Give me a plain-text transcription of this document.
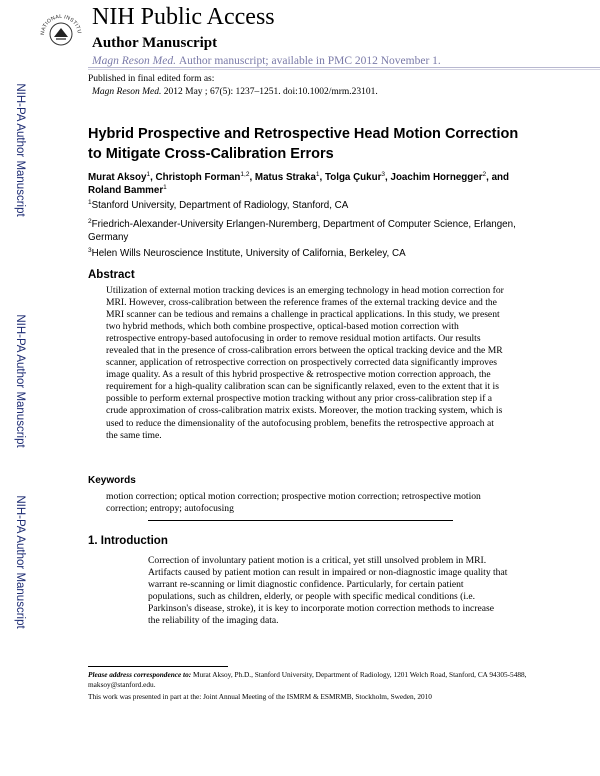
NIH-PA Author Manuscript
NIH-PA Author Manuscript
NIH-PA Author Manuscript
NATIONAL INSTITU
NIH Public Access
Author Manuscript
Magn Reson Med. Author manuscript; available in PMC 2012 November 1.
Published in final edited form as:
Magn Reson Med. 2012 May ; 67(5): 1237–1251. doi:10.1002/mrm.23101.
Hybrid Prospective and Retrospective Head Motion Correction to Mitigate Cross-Calibration Errors
Murat Aksoy$^1$, Christoph Forman$^{1,2}$, Matus Straka$^1$, Tolga Çukur$^3$, Joachim Hornegger$^2$, and Roland Bammer$^1$
$^1$Stanford University, Department of Radiology, Stanford, CA
$^2$Friedrich-Alexander-University Erlangen-Nuremberg, Department of Computer Science, Erlangen, Germany
$^3$Helen Wills Neuroscience Institute, University of California, Berkeley, CA
Abstract
Utilization of external motion tracking devices is an emerging technology in head motion correction for MRI. However, cross-calibration between the reference frames of the external tracking device and the MRI scanner can be tedious and remains a challenge in practical applications. In this study, we present two hybrid methods, which both combine prospective, optical-based motion correction with retrospective entropy-based autofocusing in order to remove residual motion artifacts. Our results revealed that in the presence of cross-calibration errors between the optical tracking device and the MR scanner, application of retrospective correction on prospectively corrected data significantly improves image quality. As a result of this hybrid prospective & retrospective motion correction approach, the requirement for a high-quality calibration scan can be significantly relaxed, even to the extent that it is possible to perform external prospective motion tracking without any prior cross-calibration step if a crude approximation of cross-calibration matrix exists. Moreover, the motion tracking system, which is used to reduce the dimensionality of the autofocusing problem, benefits the retrospective approach at the same time.
Keywords
motion correction; optical motion correction; prospective motion correction; retrospective motion correction; entropy; autofocusing
1. Introduction
Correction of involuntary patient motion is a critical, yet still unsolved problem in MRI. Artifacts caused by patient motion can result in impaired or non-diagnostic image quality that warrant re-scanning or limit diagnostic confidence. Particularly, for certain patient populations, such as children, elderly, or people with specific medical conditions (i.e. Parkinson's disease, stroke), it is key to incorporate motion correction methods to increase the reliability of the imaging data.
Please address correspondence to: Murat Aksoy, Ph.D., Stanford University, Department of Radiology, 1201 Welch Road, Stanford, CA 94305-5488, maksoy@stanford.edu.
This work was presented in part at the: Joint Annual Meeting of the ISMRM & ESMRMB, Stockholm, Sweden, 2010
